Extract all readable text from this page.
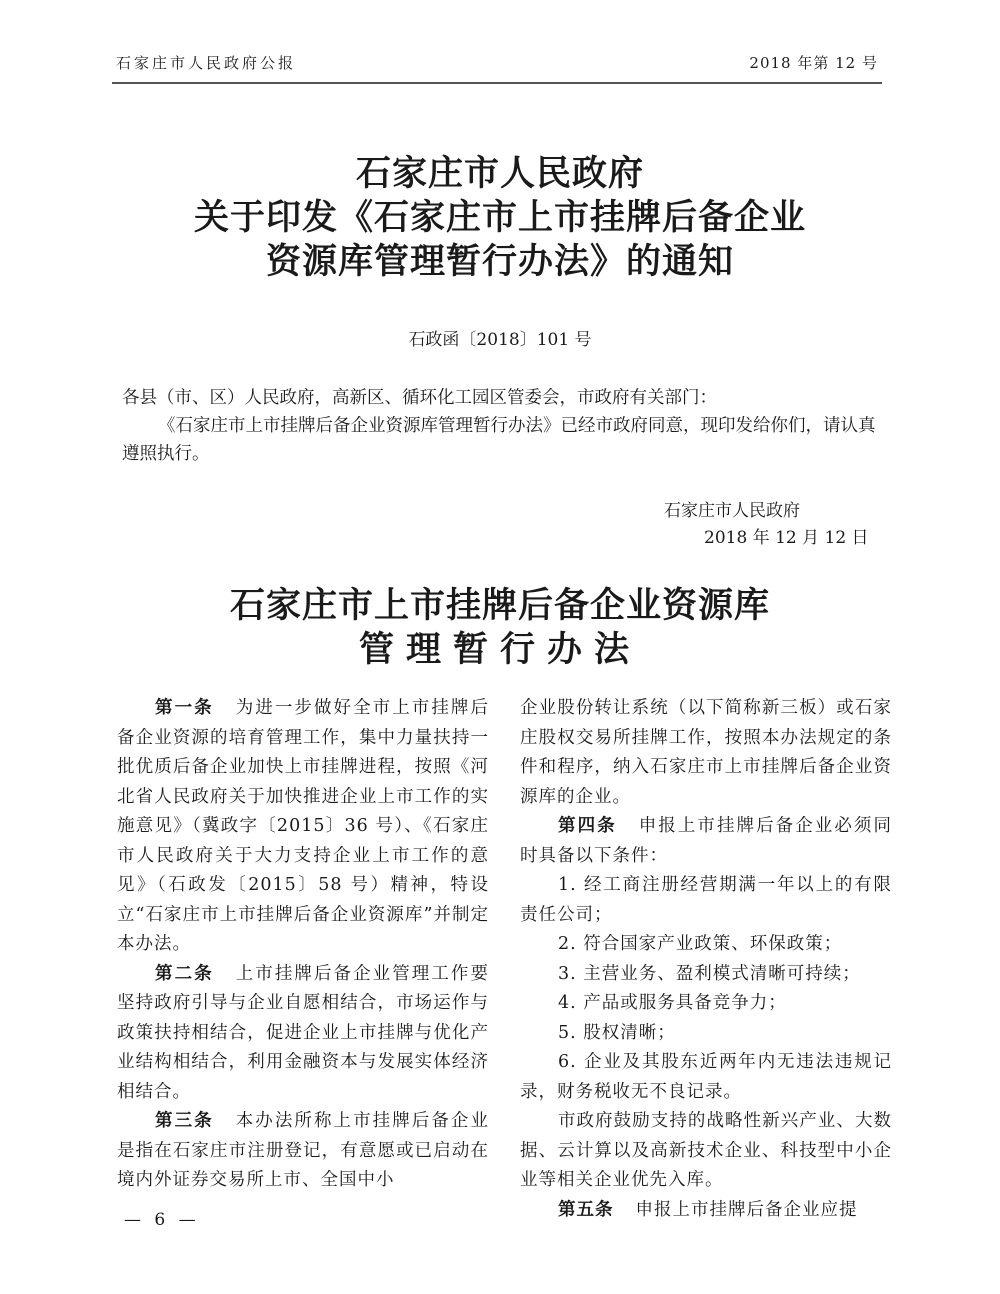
石家庄市人民政府公报	2018 年第 12 号
石家庄市人民政府
关于印发《石家庄市上市挂牌后备企业
资源库管理暂行办法》的通知
石政函〔2018〕101 号
各县（市、区）人民政府，高新区、循环化工园区管委会，市政府有关部门：
《石家庄市上市挂牌后备企业资源库管理暂行办法》已经市政府同意，现印发给你们，请认真遵照执行。
石家庄市人民政府
2018 年 12 月 12 日
石家庄市上市挂牌后备企业资源库
管理暂行办法

第一条 为进一步做好全市上市挂牌后备企业资源的培育管理工作，集中力量扶持一批优质后备企业加快上市挂牌进程，按照《河北省人民政府关于加快推进企业上市工作的实施意见》（冀政字〔2015〕36 号）、《石家庄市人民政府关于大力支持企业上市工作的意见》（石政发〔2015〕58 号）精神，特设立“石家庄市上市挂牌后备企业资源库”并制定本办法。

第二条 上市挂牌后备企业管理工作要坚持政府引导与企业自愿相结合，市场运作与政策扶持相结合，促进企业上市挂牌与优化产业结构相结合，利用金融资本与发展实体经济相结合。

第三条 本办法所称上市挂牌后备企业是指在石家庄市注册登记，有意愿或已启动在境内外证券交易所上市、全国中小

企业股份转让系统（以下简称新三板）或石家庄股权交易所挂牌工作，按照本办法规定的条件和程序，纳入石家庄市上市挂牌后备企业资源库的企业。

第四条 申报上市挂牌后备企业必须同时具备以下条件：

1. 经工商注册经营期满一年以上的有限责任公司；

2. 符合国家产业政策、环保政策；

3. 主营业务、盈利模式清晰可持续；

4. 产品或服务具备竞争力；

5. 股权清晰；

6. 企业及其股东近两年内无违法违规记录，财务税收无不良记录。

市政府鼓励支持的战略性新兴产业、大数据、云计算以及高新技术企业、科技型中小企业等相关企业优先入库。

第五条 申报上市挂牌后备企业应提

— 6 —
